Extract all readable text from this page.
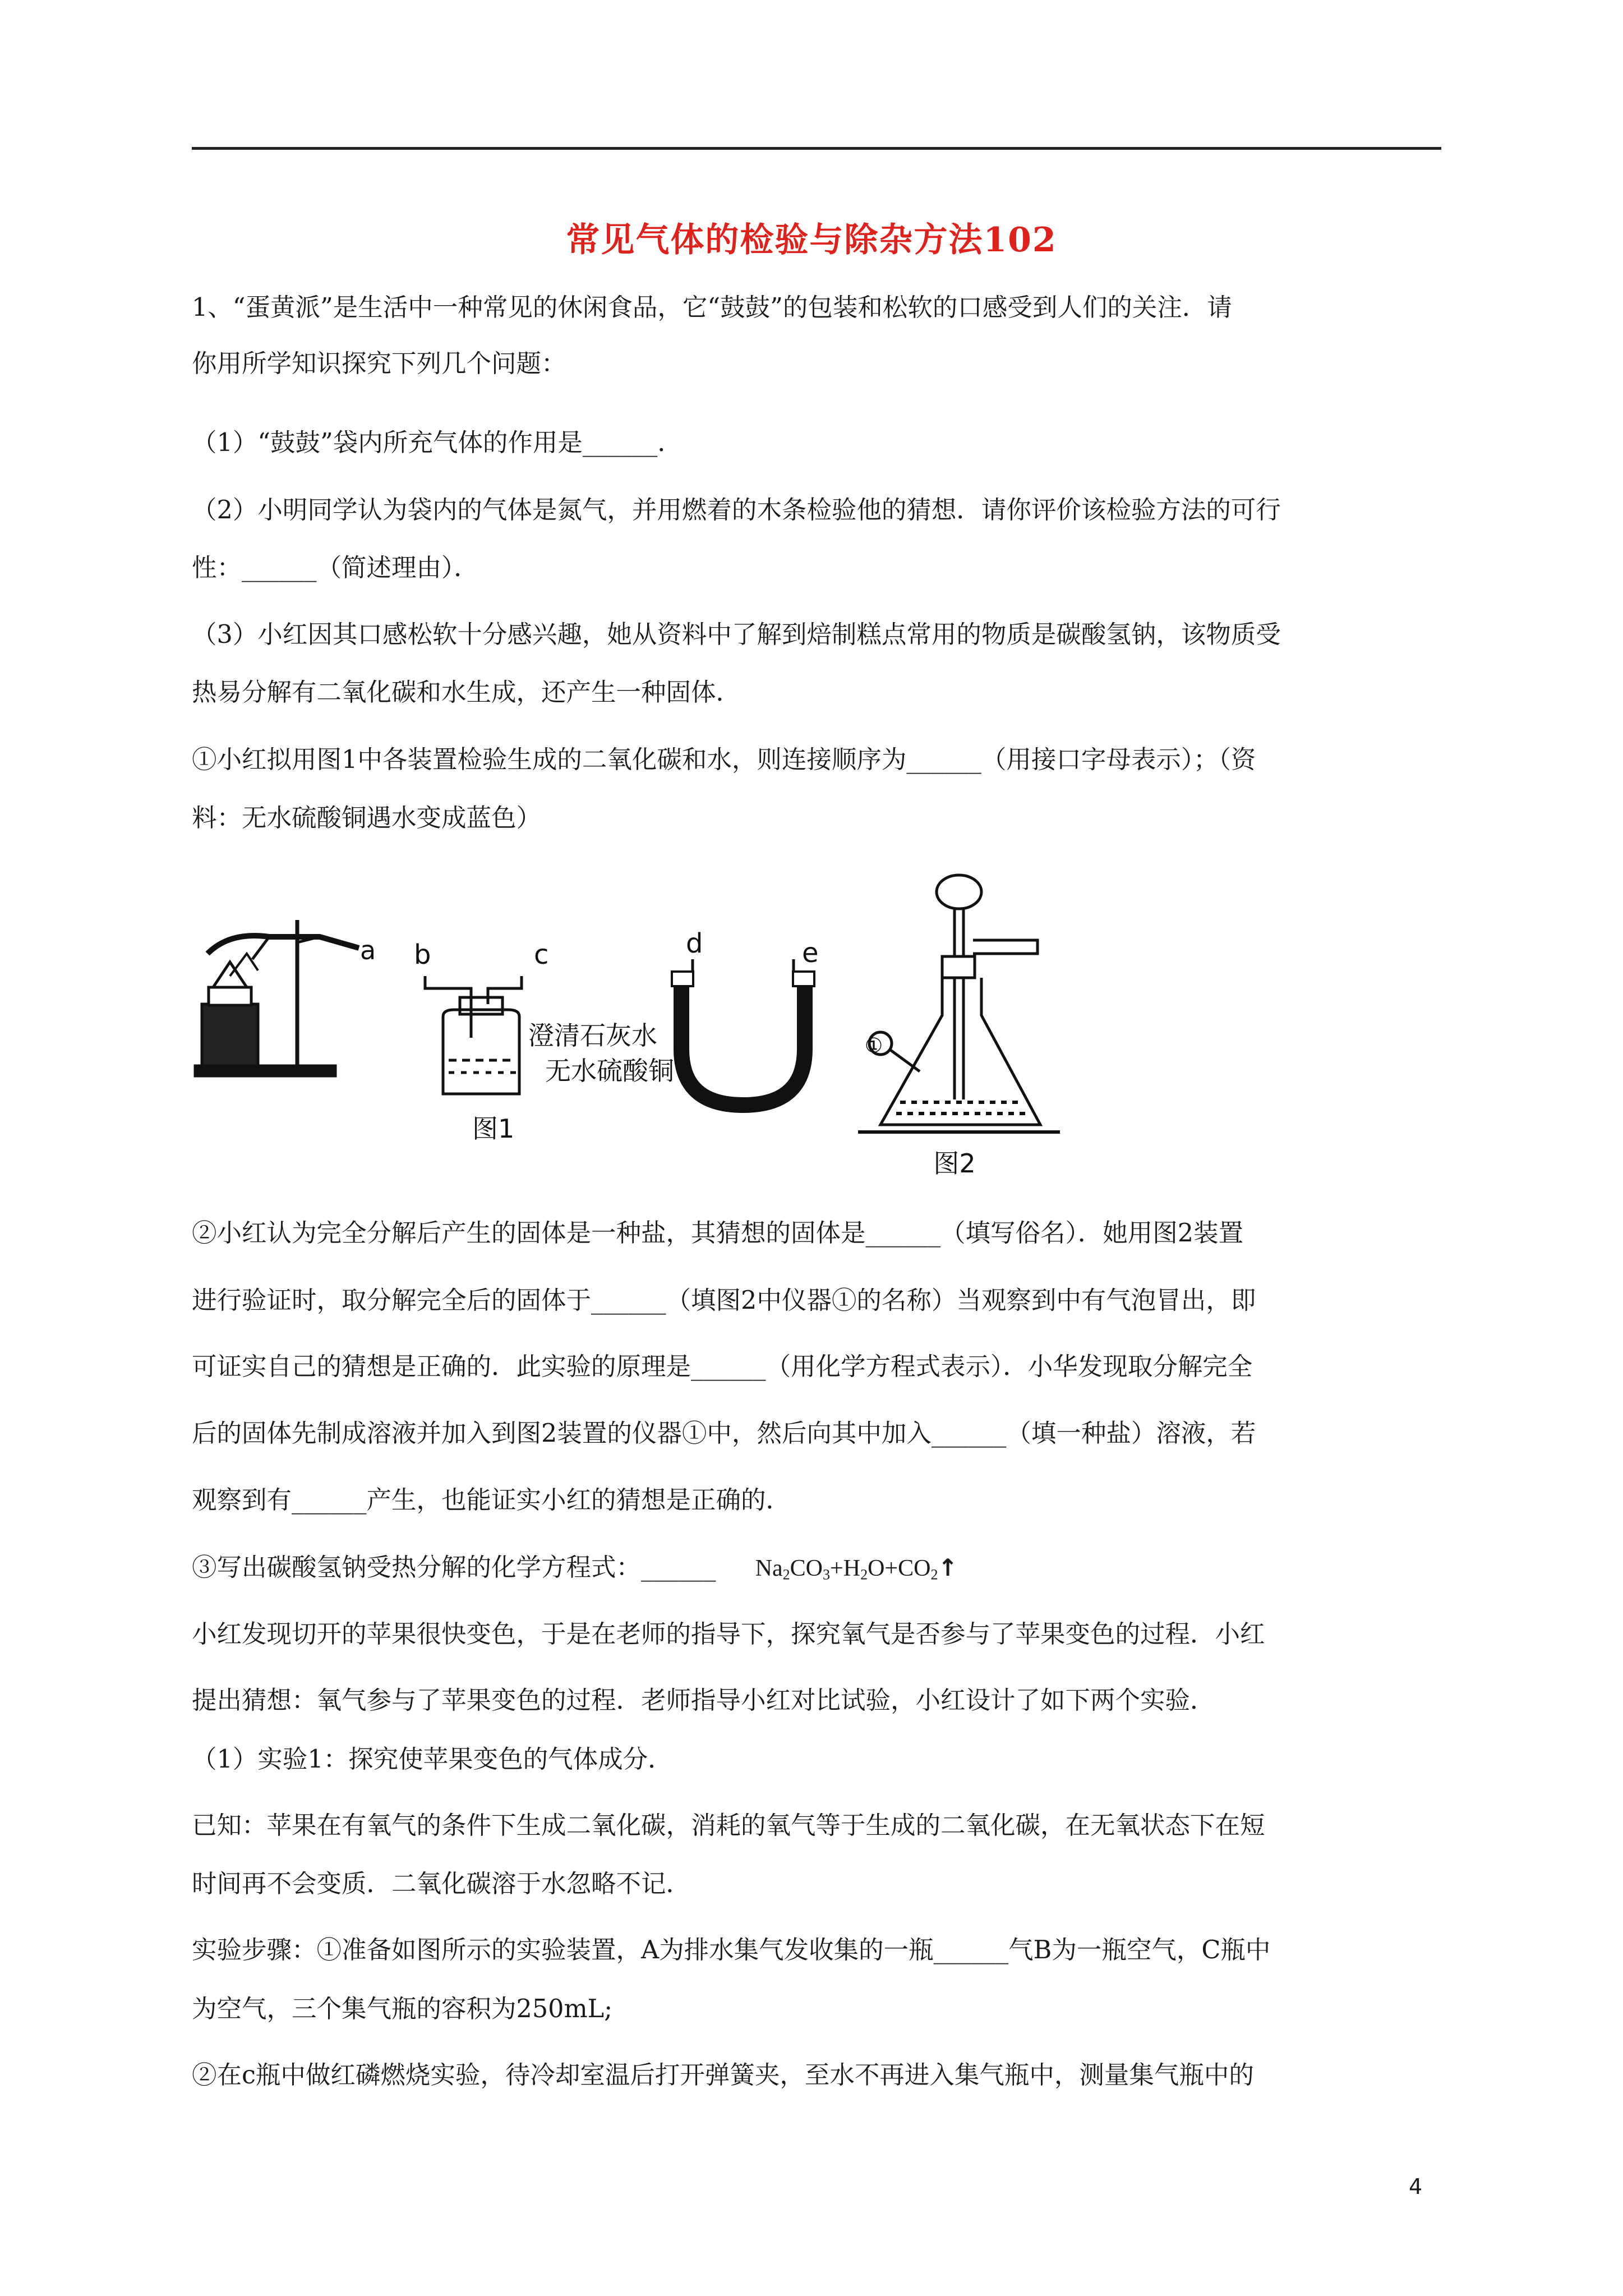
常见气体的检验与除杂方法102
1、“蛋黄派”是生活中一种常见的休闲食品，它“鼓鼓”的包装和松软的口感受到人们的关注．请
你用所学知识探究下列几个问题：
（1）“鼓鼓”袋内所充气体的作用是______．
（2）小明同学认为袋内的气体是氮气，并用燃着的木条检验他的猜想．请你评价该检验方法的可行
性：______（简述理由）．
（3）小红因其口感松软十分感兴趣，她从资料中了解到焙制糕点常用的物质是碳酸氢钠，该物质受
热易分解有二氧化碳和水生成，还产生一种固体．
①小红拟用图1中各装置检验生成的二氧化碳和水，则连接顺序为______（用接口字母表示）；（资
料：无水硫酸铜遇水变成蓝色）
a b	c
澄清石灰水
无水硫酸铜
图1
d	e
①
图2
②小红认为完全分解后产生的固体是一种盐，其猜想的固体是______（填写俗名）．她用图2装置
进行验证时，取分解完全后的固体于______（填图2中仪器①的名称）当观察到中有气泡冒出，即
可证实自己的猜想是正确的．此实验的原理是______（用化学方程式表示）．小华发现取分解完全
后的固体先制成溶液并加入到图2装置的仪器①中，然后向其中加入______（填一种盐）溶液，若
观察到有______产生，也能证实小红的猜想是正确的．
③写出碳酸氢钠受热分解的化学方程式：______ $Na_2CO_3+H_2O+CO_2↑$
小红发现切开的苹果很快变色，于是在老师的指导下，探究氧气是否参与了苹果变色的过程．小红
提出猜想：氧气参与了苹果变色的过程．老师指导小红对比试验，小红设计了如下两个实验．
（1）实验1：探究使苹果变色的气体成分．
已知：苹果在有氧气的条件下生成二氧化碳，消耗的氧气等于生成的二氧化碳，在无氧状态下在短
时间再不会变质．二氧化碳溶于水忽略不记．
实验步骤：①准备如图所示的实验装置，A为排水集气发收集的一瓶______气B为一瓶空气，C瓶中
为空气，三个集气瓶的容积为250mL;
②在c瓶中做红磷燃烧实验，待冷却室温后打开弹簧夹，至水不再进入集气瓶中，测量集气瓶中的
4
